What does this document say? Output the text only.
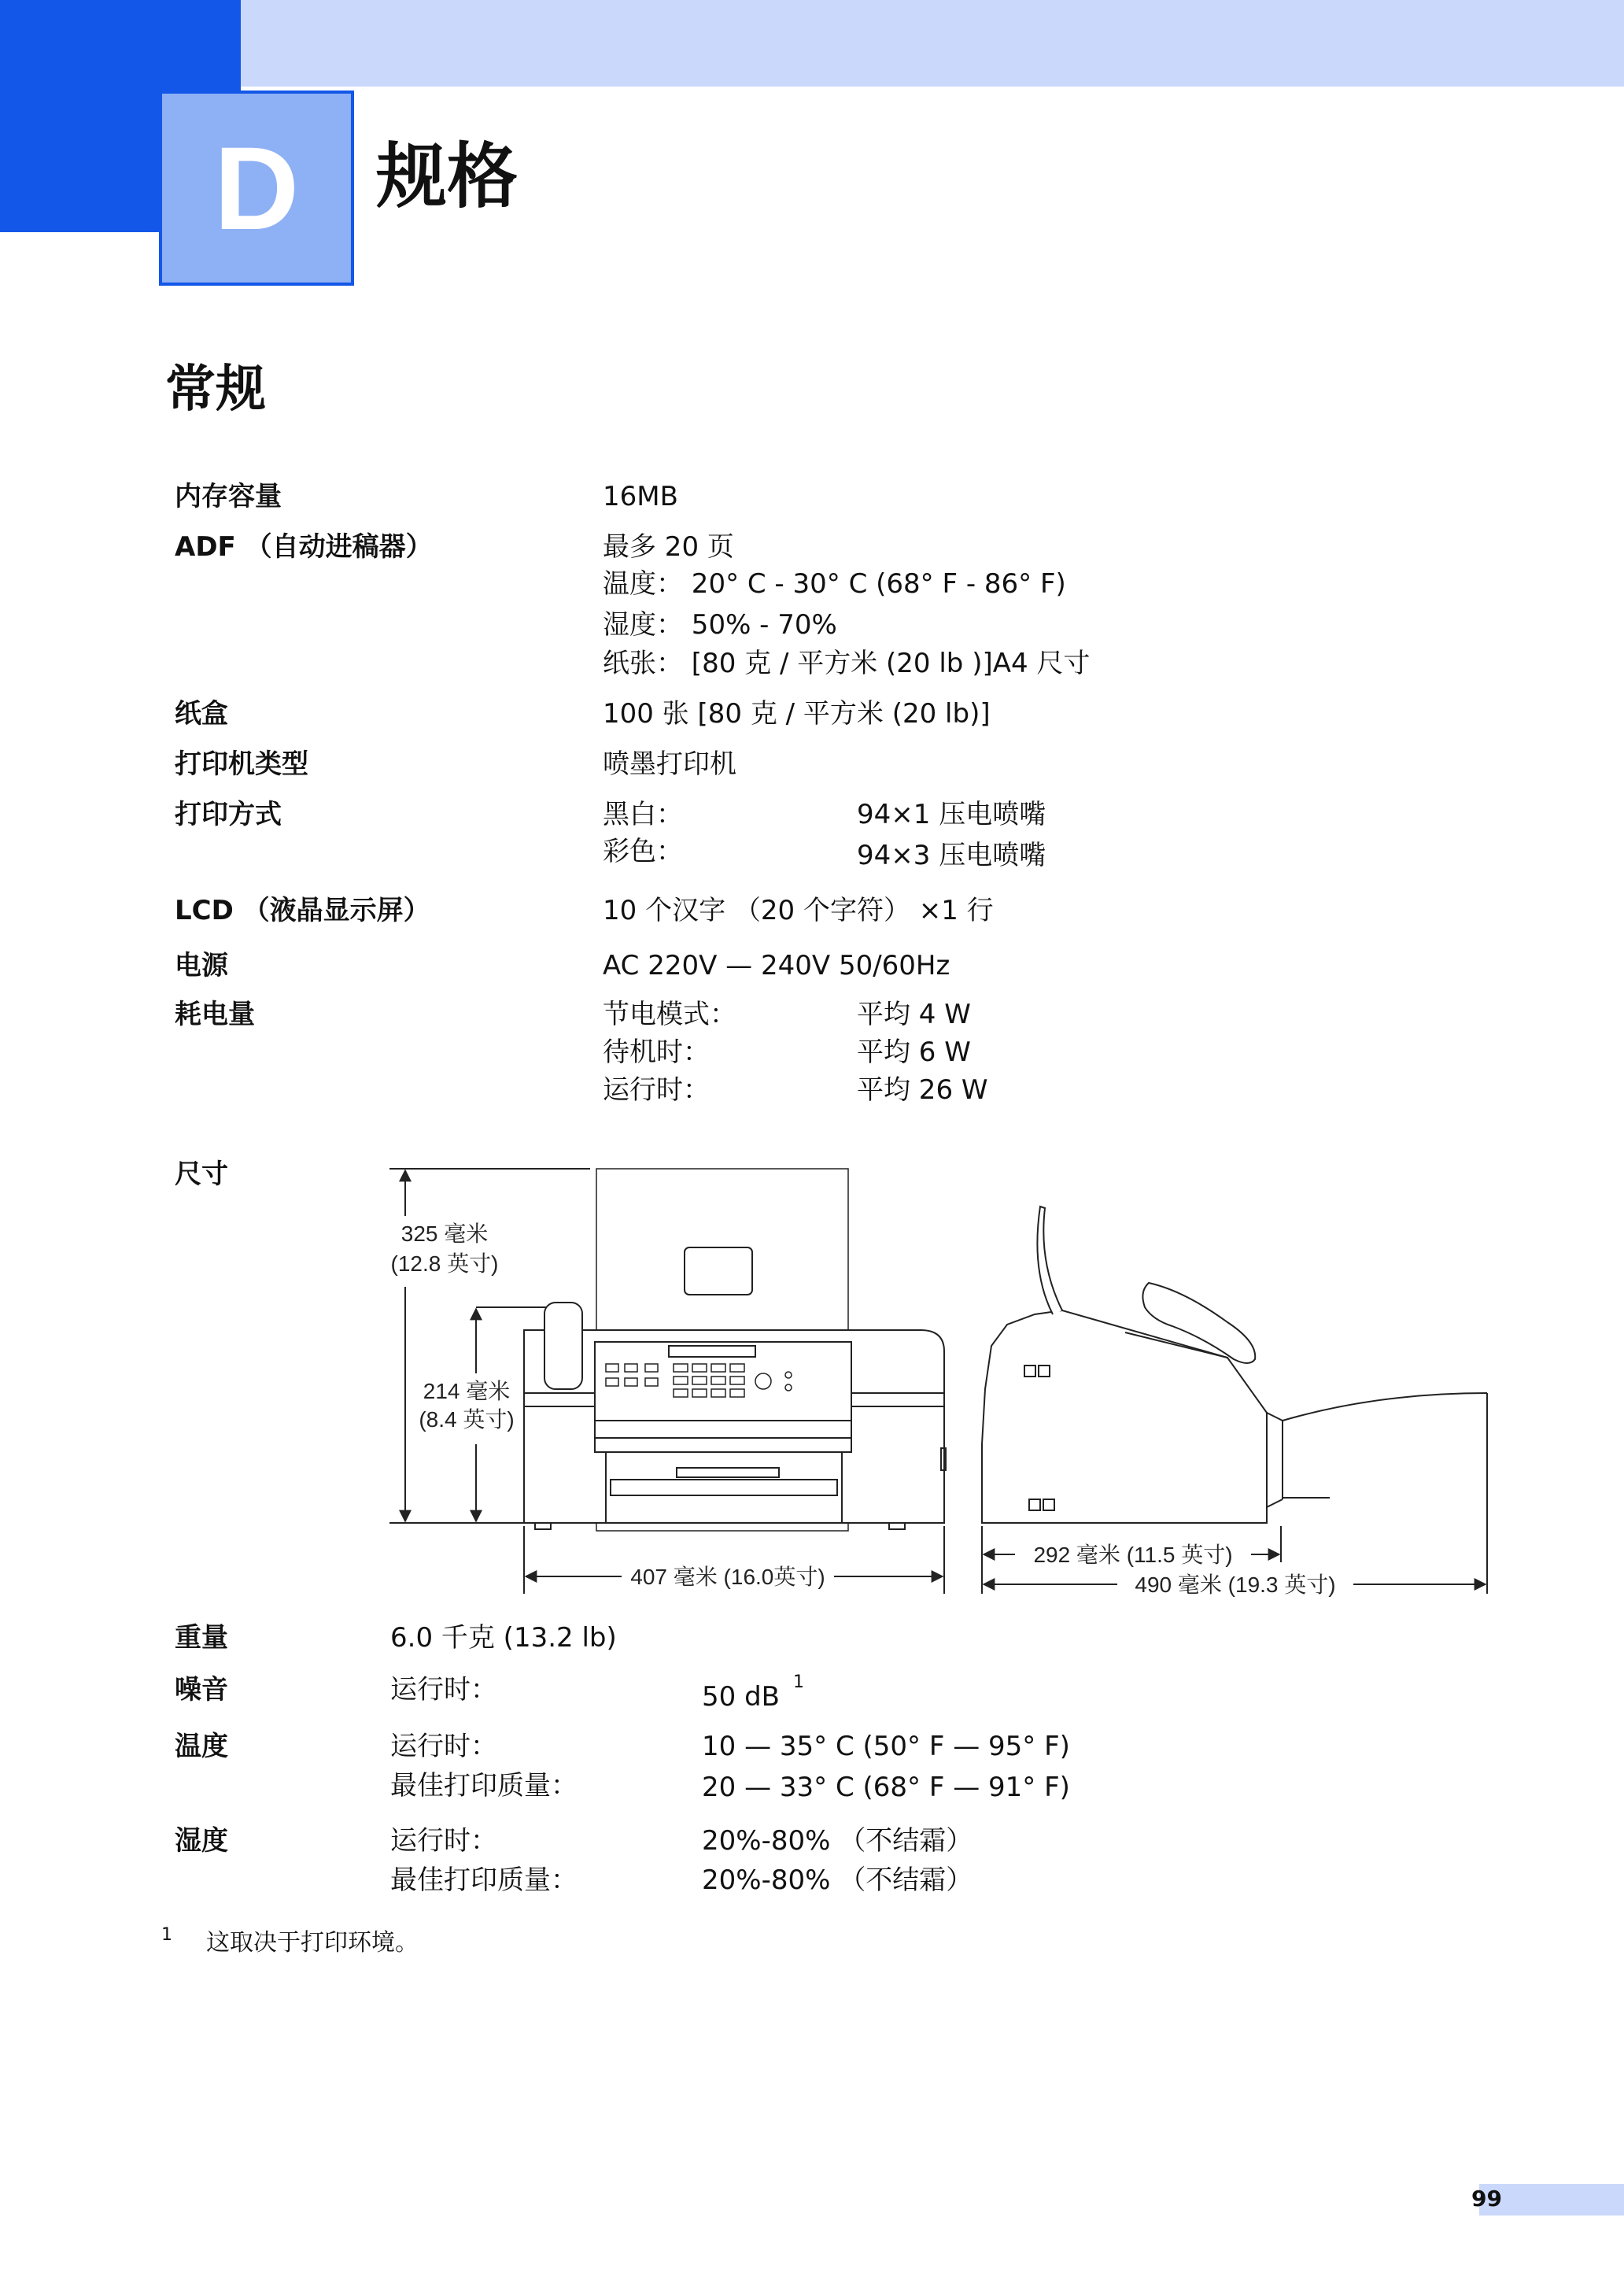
D 规格
常规
内存容量	16MB
ADF （自动进稿器）	最多 20 页
温度： 20° C - 30° C (68° F - 86° F)
湿度： 50% - 70%
纸张： [80 克 / 平方米 (20 lb )]A4 尺寸
纸盒	100 张 [80 克 / 平方米 (20 lb)]
打印机类型	喷墨打印机
打印方式	黑白：	94×1 压电喷嘴
彩色：	94×3 压电喷嘴
LCD （液晶显示屏）	10 个汉字 （20 个字符） ×1 行
电源	AC 220V — 240V 50/60Hz
耗电量	节电模式：	平均 4 W
待机时：	平均 6 W
运行时：	平均 26 W
尺寸
325 毫米
(12.8 英寸)
214 毫米
(8.4 英寸)
407 毫米 (16.0英寸)
292 毫米 (11.5 英寸)
490 毫米 (19.3 英寸)
重量	6.0 千克 (13.2 lb)
噪音	运行时：	50 dB 1
温度	运行时：	10 — 35° C (50° F — 95° F)
最佳打印质量：	20 — 33° C (68° F — 91° F)
湿度	运行时：	20%-80% （不结霜）
最佳打印质量：	20%-80% （不结霜）
1 这取决于打印环境。
99
